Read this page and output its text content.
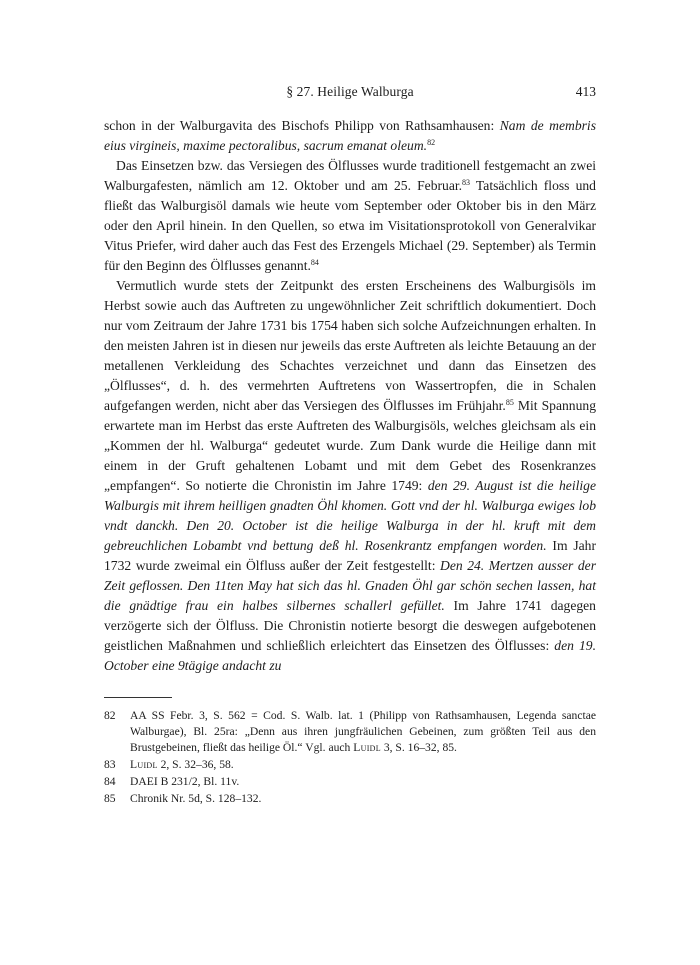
§ 27. Heilige Walburga	413

schon in der Walburgavita des Bischofs Philipp von Rathsamhausen: Nam de membris eius virgineis, maxime pectoralibus, sacrum emanat oleum.$^{82}$

Das Einsetzen bzw. das Versiegen des Ölflusses wurde traditionell festgemacht an zwei Walburgafesten, nämlich am 12. Oktober und am 25. Februar.$^{83}$ Tatsächlich floss und fließt das Walburgisöl damals wie heute vom September oder Oktober bis in den März oder den April hinein. In den Quellen, so etwa im Visitationsprotokoll von Generalvikar Vitus Priefer, wird daher auch das Fest des Erzengels Michael (29. September) als Termin für den Beginn des Ölflusses genannt.$^{84}$

Vermutlich wurde stets der Zeitpunkt des ersten Erscheinens des Walburgisöls im Herbst sowie auch das Auftreten zu ungewöhnlicher Zeit schriftlich dokumentiert. Doch nur vom Zeitraum der Jahre 1731 bis 1754 haben sich solche Aufzeichnungen erhalten. In den meisten Jahren ist in diesen nur jeweils das erste Auftreten als leichte Betauung an der metallenen Verkleidung des Schachtes verzeichnet und dann das Einsetzen des „Ölflusses“, d. h. des vermehrten Auftretens von Wassertropfen, die in Schalen aufgefangen werden, nicht aber das Versiegen des Ölflusses im Frühjahr.$^{85}$ Mit Spannung erwartete man im Herbst das erste Auftreten des Walburgisöls, welches gleichsam als ein „Kommen der hl. Walburga“ gedeutet wurde. Zum Dank wurde die Heilige dann mit einem in der Gruft gehaltenen Lobamt und mit dem Gebet des Rosenkranzes „empfangen“. So notierte die Chronistin im Jahre 1749: den 29. August ist die heilige Walburgis mit ihrem heilligen gnadten Öhl khomen. Gott vnd der hl. Walburga ewiges lob vndt danckh. Den 20. October ist die heilige Walburga in der hl. kruft mit dem gebreuchlichen Lobambt vnd bettung deß hl. Rosenkrantz empfangen worden. Im Jahr 1732 wurde zweimal ein Ölfluss außer der Zeit festgestellt: Den 24. Mertzen ausser der Zeit geflossen. Den 11ten May hat sich das hl. Gnaden Öhl gar schön sechen lassen, hat die gnädtige frau ein halbes silbernes schallerl gefüllet. Im Jahre 1741 dagegen verzögerte sich der Ölfluss. Die Chronistin notierte besorgt die deswegen aufgebotenen geistlichen Maßnahmen und schließlich erleichtert das Einsetzen des Ölflusses: den 19. October eine 9tägige andacht zu

82	AA SS Febr. 3, S. 562 = Cod. S. Walb. lat. 1 (Philipp von Rathsamhausen, Legenda sanctae Walburgae), Bl. 25ra: „Denn aus ihren jungfräulichen Gebeinen, zum größten Teil aus den Brustgebeinen, fließt das heilige Öl.“ Vgl. auch Luidl 3, S. 16–32, 85.
83	Luidl 2, S. 32–36, 58.
84	DAEI B 231/2, Bl. 11v.
85	Chronik Nr. 5d, S. 128–132.
